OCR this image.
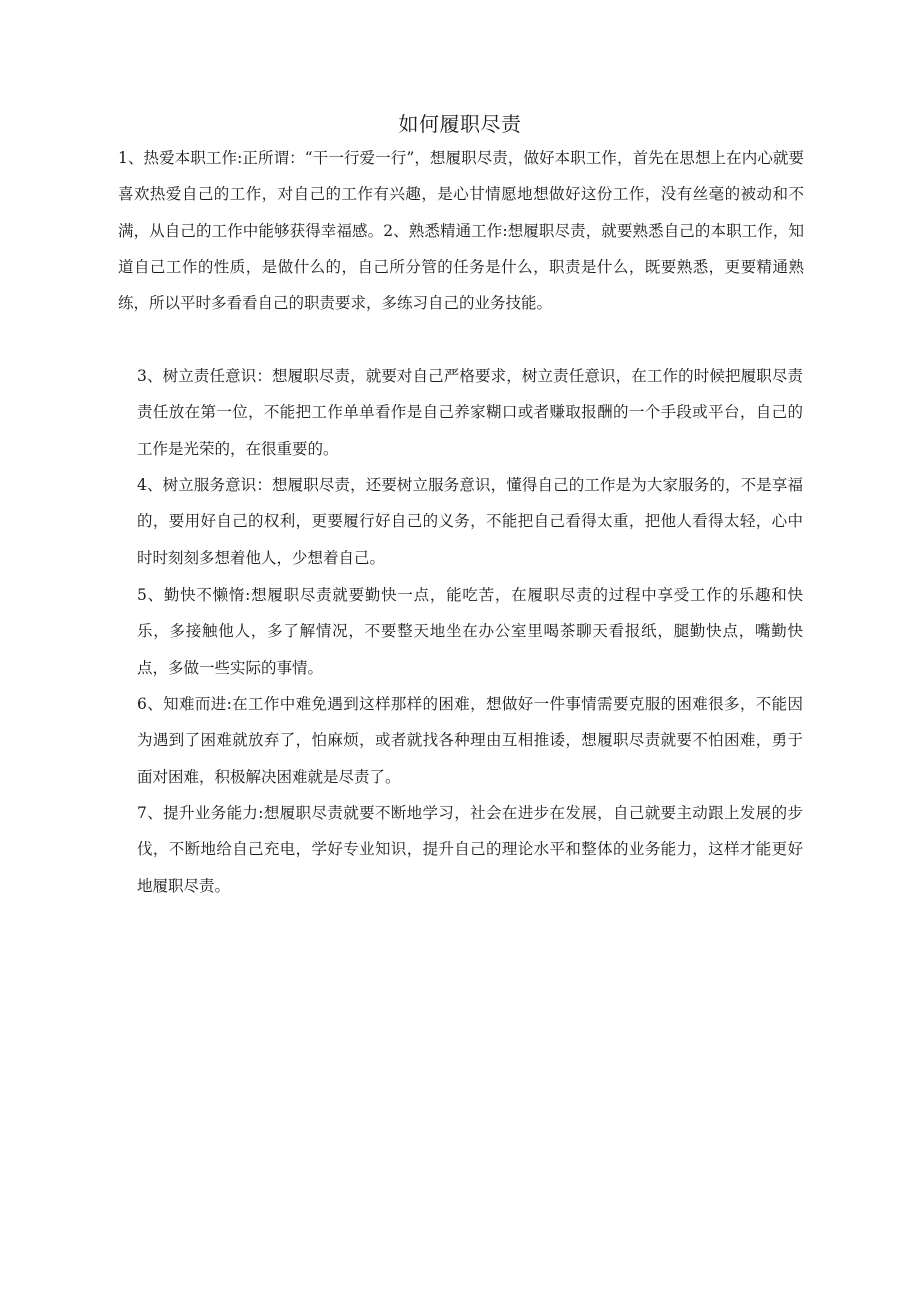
如何履职尽责

1、热爱本职工作:正所谓：“干一行爱一行”，想履职尽责，做好本职工作，首先在思想上在内心就要喜欢热爱自己的工作，对自己的工作有兴趣，是心甘情愿地想做好这份工作，没有丝毫的被动和不满，从自己的工作中能够获得幸福感。2、熟悉精通工作:想履职尽责，就要熟悉自己的本职工作，知道自己工作的性质，是做什么的，自己所分管的任务是什么，职责是什么，既要熟悉，更要精通熟练，所以平时多看看自己的职责要求，多练习自己的业务技能。

3、树立责任意识：想履职尽责，就要对自己严格要求，树立责任意识，在工作的时候把履职尽责责任放在第一位，不能把工作单单看作是自己养家糊口或者赚取报酬的一个手段或平台，自己的工作是光荣的，在很重要的。

4、树立服务意识：想履职尽责，还要树立服务意识，懂得自己的工作是为大家服务的，不是享福的，要用好自己的权利，更要履行好自己的义务，不能把自己看得太重，把他人看得太轻，心中时时刻刻多想着他人，少想着自己。

5、勤快不懒惰:想履职尽责就要勤快一点，能吃苦，在履职尽责的过程中享受工作的乐趣和快乐，多接触他人，多了解情况，不要整天地坐在办公室里喝茶聊天看报纸，腿勤快点，嘴勤快点，多做一些实际的事情。

6、知难而进:在工作中难免遇到这样那样的困难，想做好一件事情需要克服的困难很多，不能因为遇到了困难就放弃了，怕麻烦，或者就找各种理由互相推诿，想履职尽责就要不怕困难，勇于面对困难，积极解决困难就是尽责了。

7、提升业务能力:想履职尽责就要不断地学习，社会在进步在发展，自己就要主动跟上发展的步伐，不断地给自己充电，学好专业知识，提升自己的理论水平和整体的业务能力，这样才能更好地履职尽责。
